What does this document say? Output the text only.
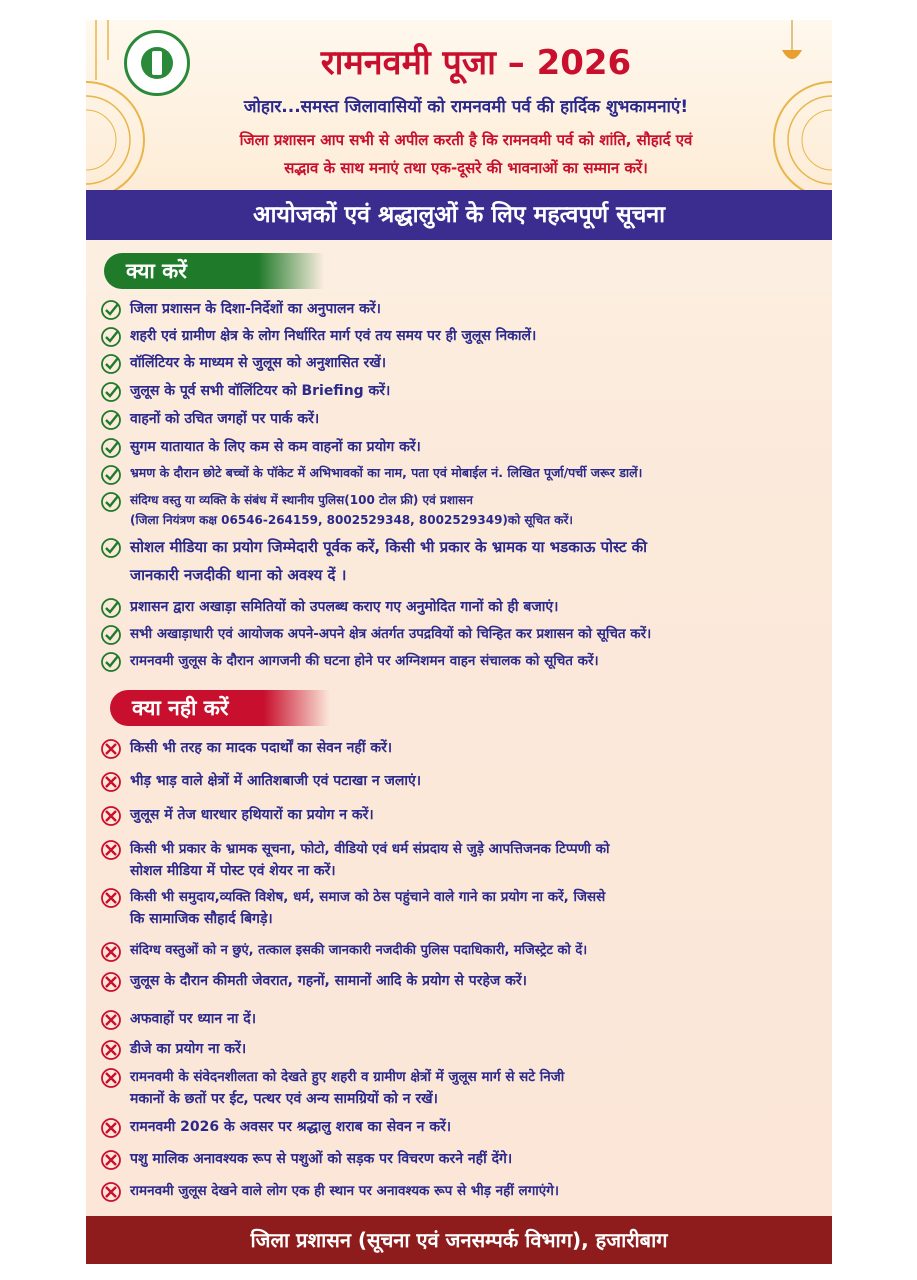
रामनवमी पूजा – 2026
जोहार...समस्त जिलावासियों को रामनवमी पर्व की हार्दिक शुभकामनाएं!
जिला प्रशासन आप सभी से अपील करती है कि रामनवमी पर्व को शांति, सौहार्द एवं
सद्भाव के साथ मनाएं तथा एक-दूसरे की भावनाओं का सम्मान करें।
आयोजकों एवं श्रद्धालुओं के लिए महत्वपूर्ण सूचना
क्या करें
जिला प्रशासन के दिशा-निर्देशों का अनुपालन करें।
शहरी एवं ग्रामीण क्षेत्र के लोग निर्धारित मार्ग एवं तय समय पर ही जुलूस निकालें।
वॉलिंटियर के माध्यम से जुलूस को अनुशासित रखें।
जुलूस के पूर्व सभी वॉलिंटियर को Briefing करें।
वाहनों को उचित जगहों पर पार्क करें।
सुगम यातायात के लिए कम से कम वाहनों का प्रयोग करें।
भ्रमण के दौरान छोटे बच्चों के पॉकेट में अभिभावकों का नाम, पता एवं मोबाईल नं. लिखित पूर्जा/पर्ची जरूर डालें।
संदिग्ध वस्तु या व्यक्ति के संबंध में स्थानीय पुलिस(100 टोल फ्री) एवं प्रशासन
(जिला नियंत्रण कक्ष 06546-264159, 8002529348, 8002529349)को सूचित करें।
सोशल मीडिया का प्रयोग जिम्मेदारी पूर्वक करें, किसी भी प्रकार के भ्रामक या भडकाऊ पोस्ट की
जानकारी नजदीकी थाना को अवश्य दें ।
प्रशासन द्वारा अखाड़ा समितियों को उपलब्ध कराए गए अनुमोदित गानों को ही बजाएं।
सभी अखाड़ाधारी एवं आयोजक अपने-अपने क्षेत्र अंतर्गत उपद्रवियों को चिन्हित कर प्रशासन को सूचित करें।
रामनवमी जुलूस के दौरान आगजनी की घटना होने पर अग्निशमन वाहन संचालक को सूचित करें।
क्या नही करें
किसी भी तरह का मादक पदार्थों का सेवन नहीं करें।
भीड़ भाड़ वाले क्षेत्रों में आतिशबाजी एवं पटाखा न जलाएं।
जुलूस में तेज धारधार हथियारों का प्रयोग न करें।
किसी भी प्रकार के भ्रामक सूचना, फोटो, वीडियो एवं धर्म संप्रदाय से जुड़े आपत्तिजनक टिप्पणी को
सोशल मीडिया में पोस्ट एवं शेयर ना करें।
किसी भी समुदाय,व्यक्ति विशेष, धर्म, समाज को ठेस पहुंचाने वाले गाने का प्रयोग ना करें, जिससे
कि सामाजिक सौहार्द बिगड़े।
संदिग्ध वस्तुओं को न छुएं, तत्काल इसकी जानकारी नजदीकी पुलिस पदाधिकारी, मजिस्ट्रेट को दें।
जुलूस के दौरान कीमती जेवरात, गहनों, सामानों आदि के प्रयोग से परहेज करें।
अफवाहों पर ध्यान ना दें।
डीजे का प्रयोग ना करें।
रामनवमी के संवेदनशीलता को देखते हुए शहरी व ग्रामीण क्षेत्रों में जुलूस मार्ग से सटे निजी
मकानों के छतों पर ईट, पत्थर एवं अन्य सामग्रियों को न रखें।
रामनवमी 2026 के अवसर पर श्रद्धालु शराब का सेवन न करें।
पशु मालिक अनावश्यक रूप से पशुओं को सड़क पर विचरण करने नहीं देंगे।
रामनवमी जुलूस देखने वाले लोग एक ही स्थान पर अनावश्यक रूप से भीड़ नहीं लगाएंगे।
जिला प्रशासन (सूचना एवं जनसम्पर्क विभाग), हजारीबाग
